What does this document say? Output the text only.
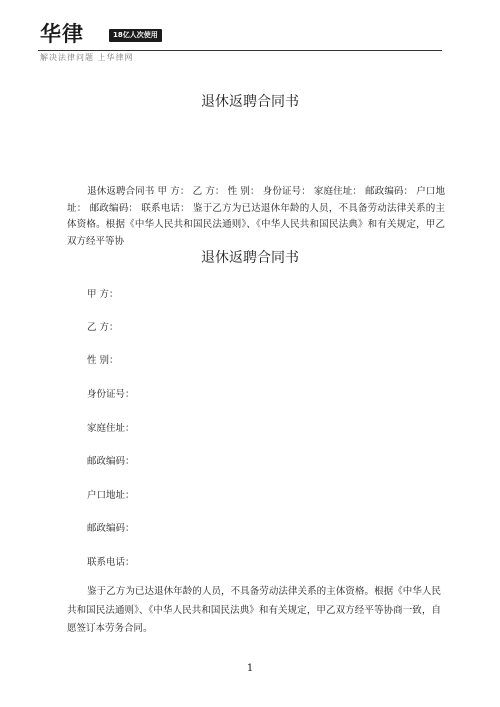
华律	18亿人次使用
解决法律问题 上华律网
退休返聘合同书
退休返聘合同书 甲 方： 乙 方： 性 别： 身份证号： 家庭住址： 邮政编码： 户口地址： 邮政编码： 联系电话： 鉴于乙方为已达退休年龄的人员，不具备劳动法律关系的主体资格。根据《中华人民共和国民法通则》、《中华人民共和国民法典》和有关规定，甲乙双方经平等协
退休返聘合同书
甲 方：
乙 方：
性 别：
身份证号：
家庭住址：
邮政编码：
户口地址：
邮政编码：
联系电话：
鉴于乙方为已达退休年龄的人员，不具备劳动法律关系的主体资格。根据《中华人民共和国民法通则》、《中华人民共和国民法典》和有关规定，甲乙双方经平等协商一致，自愿签订本劳务合同。
1
